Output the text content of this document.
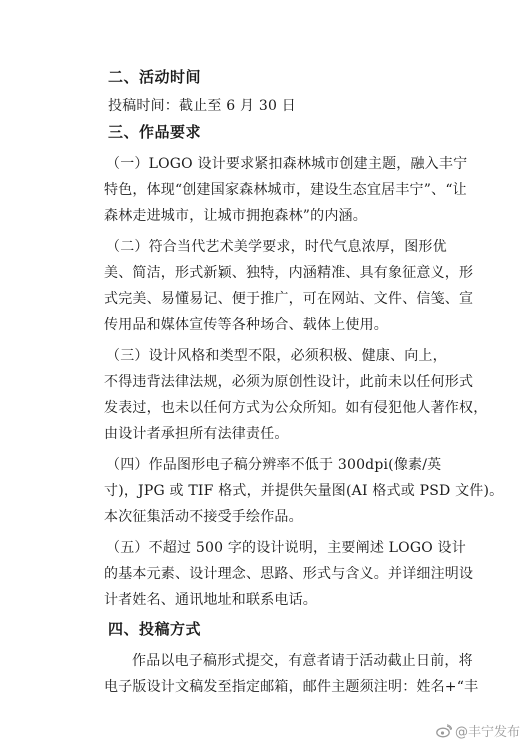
二、活动时间
投稿时间：截止至 6 月 30 日
三、作品要求
（一）LOGO 设计要求紧扣森林城市创建主题，融入丰宁
特色，体现“创建国家森林城市，建设生态宜居丰宁”、“让
森林走进城市，让城市拥抱森林”的内涵。
（二）符合当代艺术美学要求，时代气息浓厚，图形优
美、简洁，形式新颖、独特，内涵精准、具有象征意义，形
式完美、易懂易记、便于推广，可在网站、文件、信笺、宣
传用品和媒体宣传等各种场合、载体上使用。
（三）设计风格和类型不限，必须积极、健康、向上，
不得违背法律法规，必须为原创性设计，此前未以任何形式
发表过，也未以任何方式为公众所知。如有侵犯他人著作权，
由设计者承担所有法律责任。
（四）作品图形电子稿分辨率不低于 300dpi(像素/英
寸)，JPG 或 TIF 格式，并提供矢量图(AI 格式或 PSD 文件)。
本次征集活动不接受手绘作品。
（五）不超过 500 字的设计说明，主要阐述 LOGO 设计
的基本元素、设计理念、思路、形式与含义。并详细注明设
计者姓名、通讯地址和联系电话。
四、投稿方式
作品以电子稿形式提交，有意者请于活动截止日前，将
电子版设计文稿发至指定邮箱，邮件主题须注明：姓名+“丰
@丰宁发布
